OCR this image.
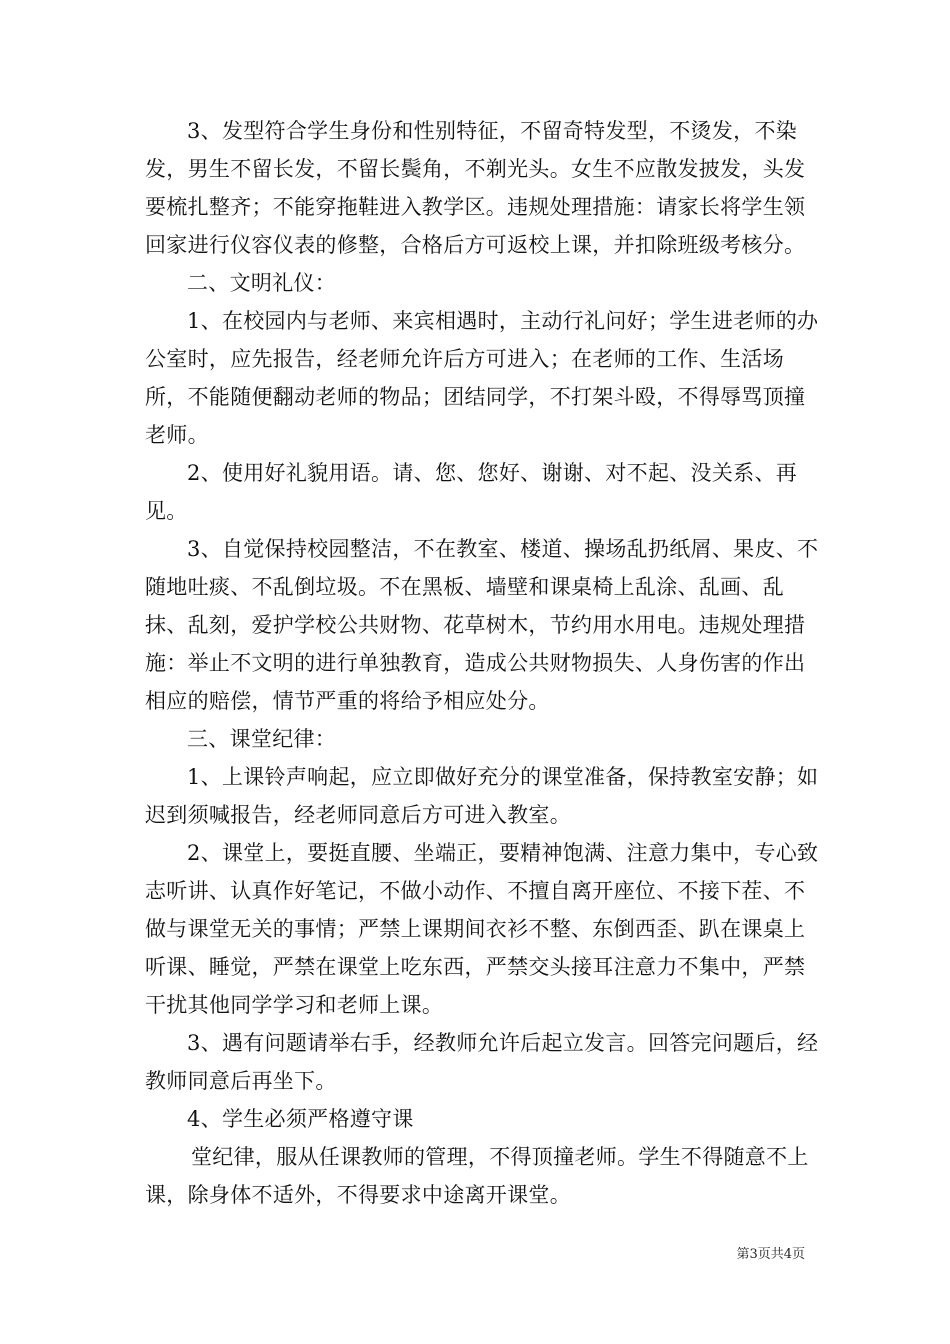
3、发型符合学生身份和性别特征，不留奇特发型，不烫发，不染发，男生不留长发，不留长鬓角，不剃光头。女生不应散发披发，头发要梳扎整齐；不能穿拖鞋进入教学区。违规处理措施：请家长将学生领回家进行仪容仪表的修整，合格后方可返校上课，并扣除班级考核分。

二、文明礼仪：

1、在校园内与老师、来宾相遇时，主动行礼问好；学生进老师的办公室时，应先报告，经老师允许后方可进入；在老师的工作、生活场所，不能随便翻动老师的物品；团结同学，不打架斗殴，不得辱骂顶撞老师。

2、使用好礼貌用语。请、您、您好、谢谢、对不起、没关系、再见。

3、自觉保持校园整洁，不在教室、楼道、操场乱扔纸屑、果皮、不随地吐痰、不乱倒垃圾。不在黑板、墙壁和课桌椅上乱涂、乱画、乱抹、乱刻，爱护学校公共财物、花草树木，节约用水用电。违规处理措施：举止不文明的进行单独教育，造成公共财物损失、人身伤害的作出相应的赔偿，情节严重的将给予相应处分。

三、课堂纪律：

1、上课铃声响起，应立即做好充分的课堂准备，保持教室安静；如迟到须喊报告，经老师同意后方可进入教室。

2、课堂上，要挺直腰、坐端正，要精神饱满、注意力集中，专心致志听讲、认真作好笔记，不做小动作、不擅自离开座位、不接下茬、不做与课堂无关的事情；严禁上课期间衣衫不整、东倒西歪、趴在课桌上听课、睡觉，严禁在课堂上吃东西，严禁交头接耳注意力不集中，严禁干扰其他同学学习和老师上课。

3、遇有问题请举右手，经教师允许后起立发言。回答完问题后，经教师同意后再坐下。

4、学生必须严格遵守课

堂纪律，服从任课教师的管理，不得顶撞老师。学生不得随意不上课，除身体不适外，不得要求中途离开课堂。

第3页共4页
